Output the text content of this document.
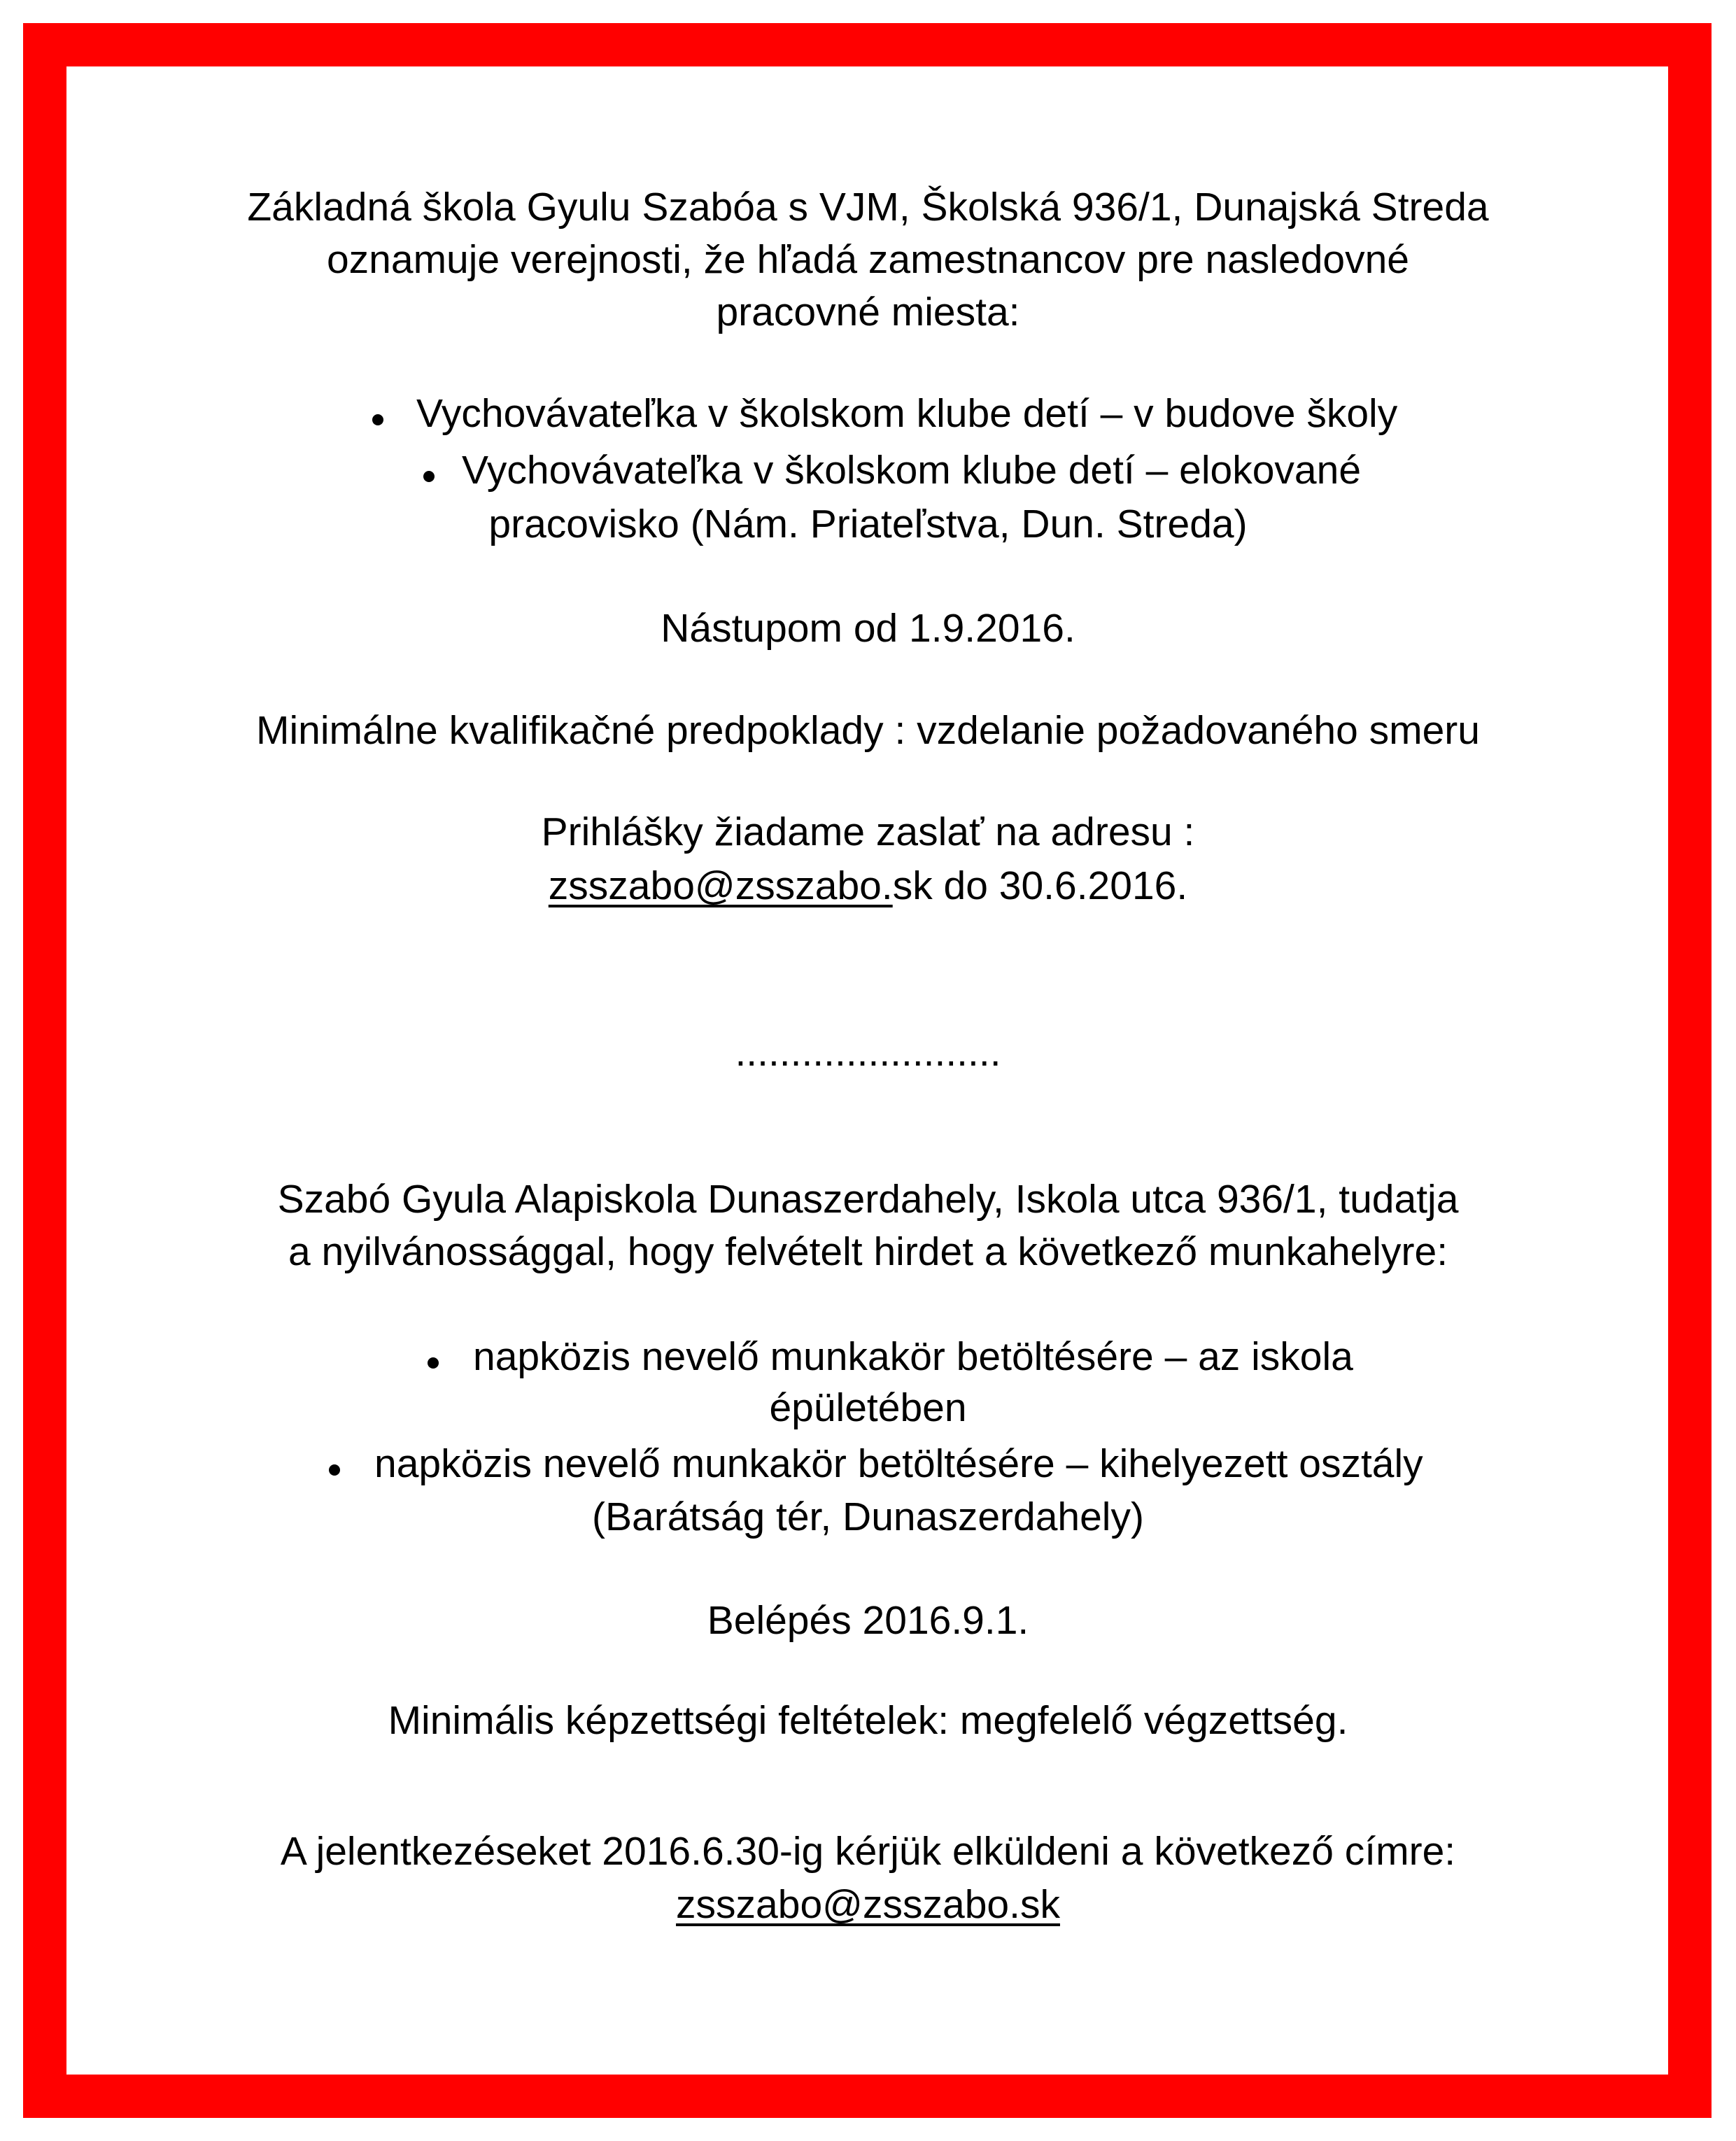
Základná škola Gyulu Szabóa s VJM, Školská 936/1, Dunajská Streda
oznamuje verejnosti, že hľadá zamestnancov pre nasledovné
pracovné miesta:
Vychovávateľka v školskom klube detí – v budove školy
Vychovávateľka v školskom klube detí – elokované
pracovisko (Nám. Priateľstva, Dun. Streda)
Nástupom od 1.9.2016.
Minimálne kvalifikačné predpoklady : vzdelanie požadovaného smeru
Prihlášky žiadame zaslať na adresu :
zsszabo@zsszabo.sk do 30.6.2016.
........................
Szabó Gyula Alapiskola Dunaszerdahely, Iskola utca 936/1, tudatja
a nyilvánossággal, hogy felvételt hirdet a következő munkahelyre:
napközis nevelő munkakör betöltésére – az iskola
épületében
napközis nevelő munkakör betöltésére – kihelyezett osztály
(Barátság tér, Dunaszerdahely)
Belépés 2016.9.1.
Minimális képzettségi feltételek: megfelelő végzettség.
A jelentkezéseket 2016.6.30-ig kérjük elküldeni a következő címre:
zsszabo@zsszabo.sk
